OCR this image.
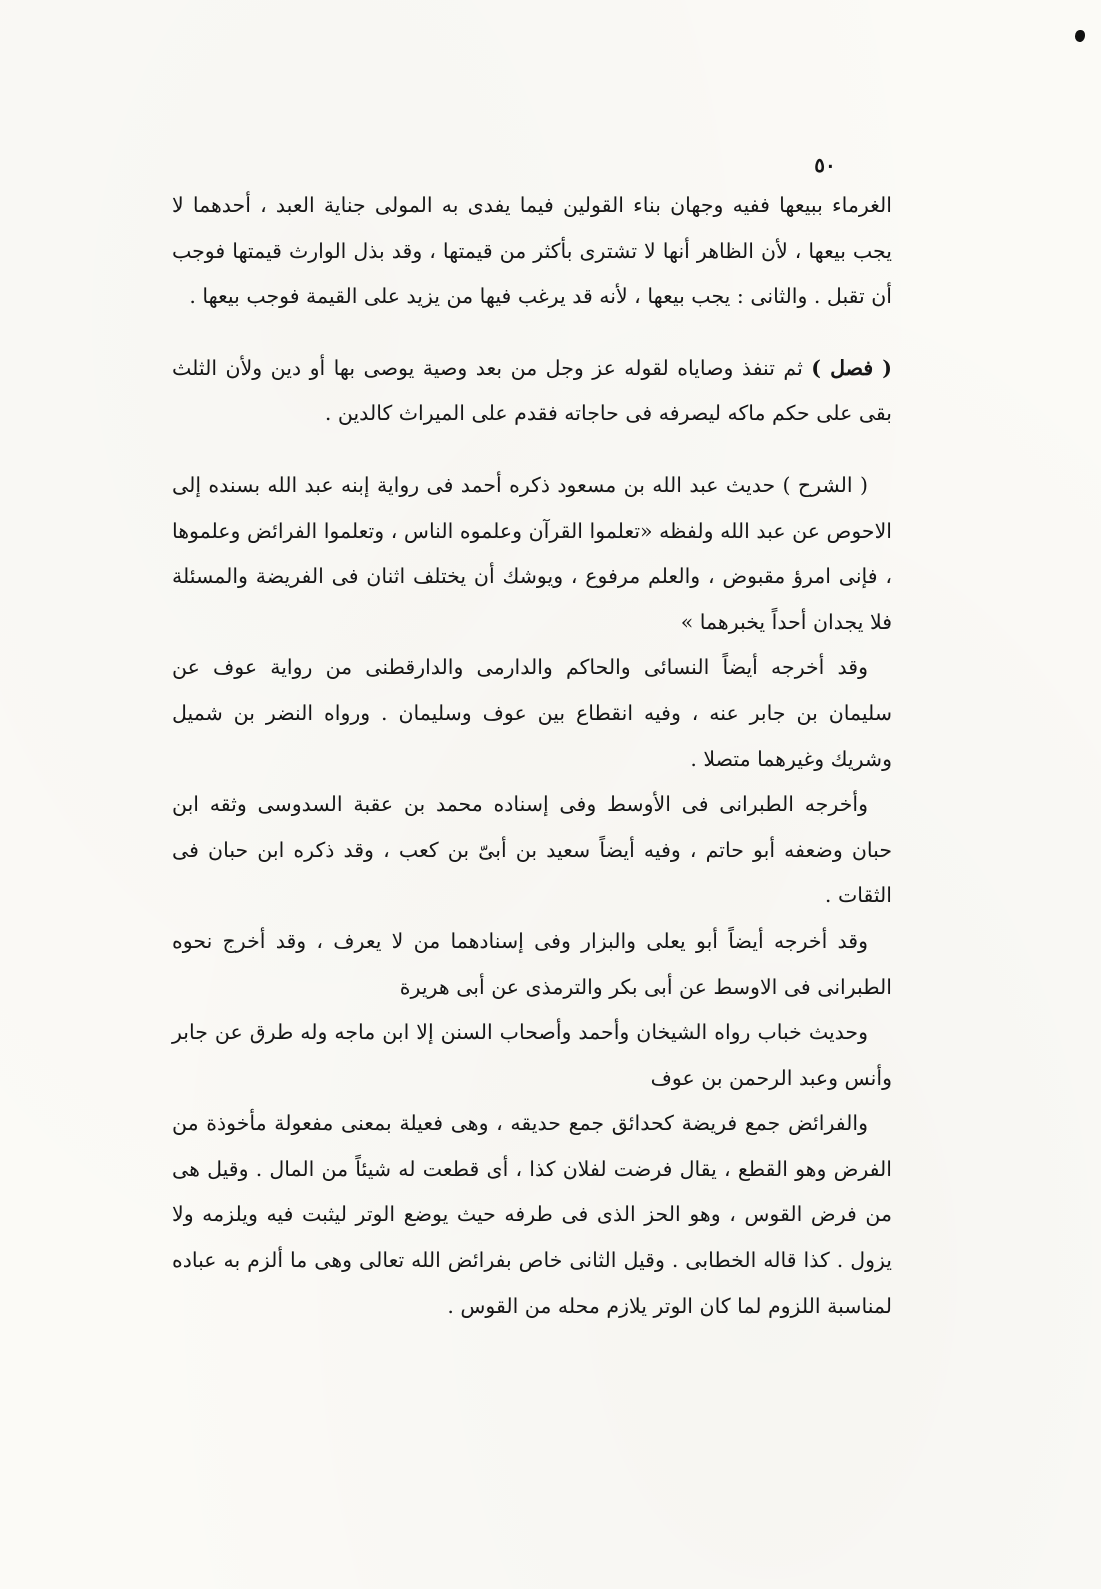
٥٠

الغرماء ببيعها ففيه وجهان بناء القولين فيما يفدى به المولى جناية العبد ، أحدهما لا يجب بيعها ، لأن الظاهر أنها لا تشترى بأكثر من قيمتها ، وقد بذل الوارث قيمتها فوجب أن تقبل . والثانى : يجب بيعها ، لأنه قد يرغب فيها من يزيد على القيمة فوجب بيعها .

( فصل ) ثم تنفذ وصاياه لقوله عز وجل من بعد وصية يوصى بها أو دين ولأن الثلث بقى على حكم ماكه ليصرفه فى حاجاته فقدم على الميراث كالدين .

( الشرح ) حديث عبد الله بن مسعود ذكره أحمد فى رواية إبنه عبد الله بسنده إلى الاحوص عن عبد الله ولفظه «تعلموا القرآن وعلموه الناس ، وتعلموا الفرائض وعلموها ، فإنى امرؤ مقبوض ، والعلم مرفوع ، ويوشك أن يختلف اثنان فى الفريضة والمسئلة فلا يجدان أحداً يخبرهما »

وقد أخرجه أيضاً النسائى والحاكم والدارمى والدارقطنى من رواية عوف عن سليمان بن جابر عنه ، وفيه انقطاع بين عوف وسليمان . ورواه النضر بن شميل وشريك وغيرهما متصلا .

وأخرجه الطبرانى فى الأوسط وفى إسناده محمد بن عقبة السدوسى وثقه ابن حبان وضعفه أبو حاتم ، وفيه أيضاً سعيد بن أبىّ بن كعب ، وقد ذكره ابن حبان فى الثقات .

وقد أخرجه أيضاً أبو يعلى والبزار وفى إسنادهما من لا يعرف ، وقد أخرج نحوه الطبرانى فى الاوسط عن أبى بكر والترمذى عن أبى هريرة

وحديث خباب رواه الشيخان وأحمد وأصحاب السنن إلا ابن ماجه وله طرق عن جابر وأنس وعبد الرحمن بن عوف

والفرائض جمع فريضة كحدائق جمع حديقه ، وهى فعيلة بمعنى مفعولة مأخوذة من الفرض وهو القطع ، يقال فرضت لفلان كذا ، أى قطعت له شيئاً من المال . وقيل هى من فرض القوس ، وهو الحز الذى فى طرفه حيث يوضع الوتر ليثبت فيه ويلزمه ولا يزول . كذا قاله الخطابى . وقيل الثانى خاص بفرائض الله تعالى وهى ما ألزم به عباده لمناسبة اللزوم لما كان الوتر يلازم محله من القوس .
